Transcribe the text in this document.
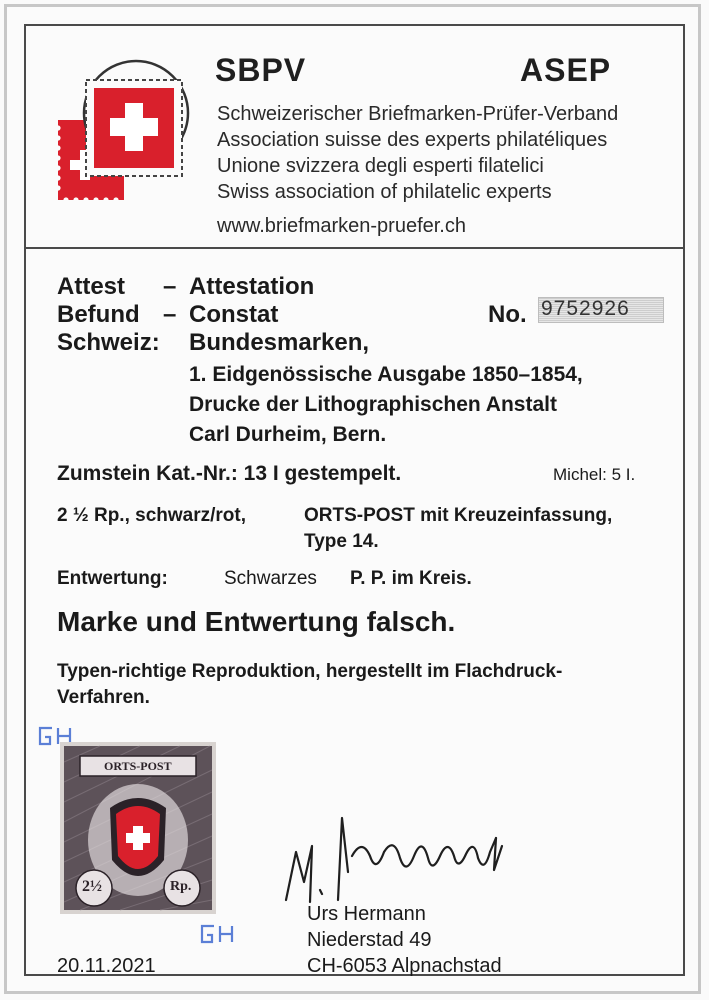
SBPV	ASEP
Schweizerischer Briefmarken-Prüfer-Verband
Association suisse des experts philatéliques
Unione svizzera degli esperti filatelici
Swiss association of philatelic experts
www.briefmarken-pruefer.ch
Attest – Attestation
Befund – Constat	No. 9752926
Schweiz: Bundesmarken,
1. Eidgenössische Ausgabe 1850–1854,
Drucke der Lithographischen Anstalt
Carl Durheim, Bern.
Zumstein Kat.-Nr.: 13 I gestempelt.	Michel: 5 I.
2 ½ Rp., schwarz/rot,	ORTS-POST mit Kreuzeinfassung,
Type 14.
Entwertung:	Schwarzes P. P. im Kreis.
Marke und Entwertung falsch.
Typen-richtige Reproduktion, hergestellt im Flachdruck-
Verfahren.
ORTS-POST
2½	Rp.
Urs Hermann
Niederstad 49
CH-6053 Alpnachstad
20.11.2021
